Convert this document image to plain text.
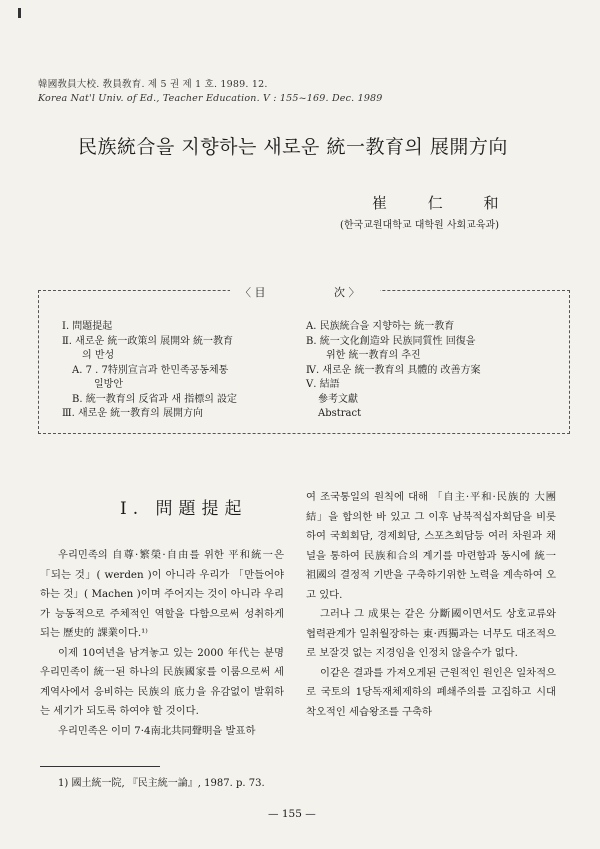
韓國敎員大校. 敎員敎育. 제 5 권 제 1 호. 1989. 12.
Korea Nat'l Univ. of Ed., Teacher Education. V : 155~169. Dec. 1989
民族統合을 지향하는 새로운 統一教育의 展開方向
崔 仁 和
(한국교원대학교 대학원 사회교육과)
〈 目	次 〉
Ⅰ. 問題提起
Ⅱ. 새로운 統一政策의 展開와 統一教育
의 반성
A. 7 . 7特別宣言과 한민족공동체통
일방안
B. 統一教育의 反省과 새 指標의 設定
Ⅲ. 새로운 統一教育의 展開方向
A. 民族統合을 지향하는 統一教育
B. 統一文化創造와 民族同質性 回復을
위한 統一教育의 추진
Ⅳ. 새로운 統一教育의 具體的 改善方案
Ⅴ. 結語
參考文獻
Abstract
Ⅰ. 問題提起

우리민족의 自尊·繁榮·自由를 위한 平和統一은 「되는 것」( werden )이 아니라 우리가 「만들어야 하는 것」( Machen )이며 주어지는 것이 아니라 우리가 능동적으로 주체적인 역할을 다함으로써 성취하게 되는 歷史的 課業이다.¹⁾

이제 10여년을 남겨놓고 있는 2000 年代는 분명 우리민족이 統一된 하나의 民族國家를 이룸으로써 세계역사에서 응비하는 民族의 底力을 유감없이 발휘하는 세기가 되도록 하여야 할 것이다.

우리민족은 이미 7·4南北共同聲明을 발표하

여 조국통일의 원칙에 대해 「自主·平和·民族的 大團結」을 합의한 바 있고 그 이후 남북적십자회담을 비롯하여 국회회담, 경제회담, 스포츠회담등 여러 차원과 채널을 통하여 民族和合의 계기를 마련함과 동시에 統一祖國의 결정적 기반을 구축하기위한 노력을 계속하여 오고 있다.

그러나 그 成果는 같은 分斷國이면서도 상호교류와 협력관계가 일취월장하는 東·西獨과는 너무도 대조적으로 보잘것 없는 지경임을 인정치 않을수가 없다.

이같은 결과를 가져오게된 근원적인 원인은 일차적으로 국토의 1당독재체제하의 폐쇄주의를 고집하고 시대착오적인 세습왕조를 구축하

1) 國土統一院, 『民主統一論』, 1987. p. 73.
— 155 —
